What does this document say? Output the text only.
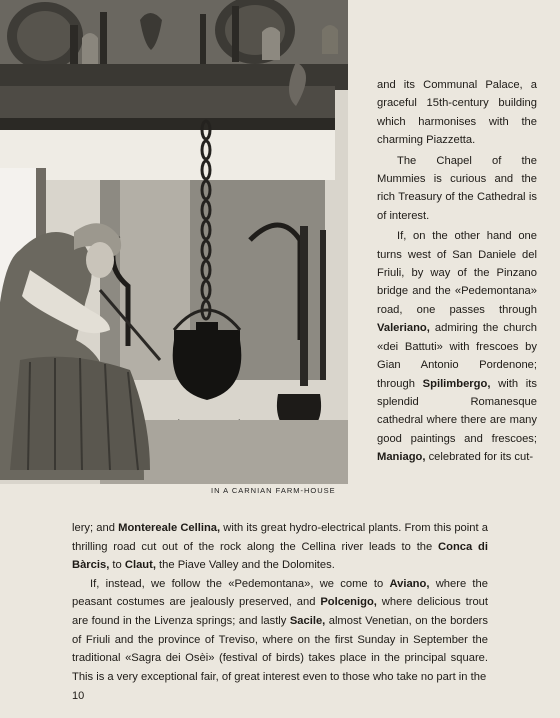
IN A CARNIAN FARM-HOUSE

and its Communal Palace, a graceful 15th-century building which harmonises with the charming Piazzetta.

The Chapel of the Mummies is curious and the rich Treasury of the Cathedral is of interest.

If, on the other hand one turns west of San Daniele del Friuli, by way of the Pinzano bridge and the «Pedemontana» road, one passes through Valeriano, admiring the church «dei Battuti» with frescoes by Gian Antonio Pordenone; through Spilimbergo, with its splendid Romanesque cathedral where there are many good paintings and frescoes; Maniago, celebrated for its cut-

lery; and Montereale Cellina, with its great hydro-electrical plants. From this point a thrilling road cut out of the rock along the Cellina river leads to the Conca di Bàrcis, to Claut, the Piave Valley and the Dolomites.

If, instead, we follow the «Pedemontana», we come to Aviano, where the peasant costumes are jealously preserved, and Polcenigo, where delicious trout are found in the Livenza springs; and lastly Sacile, almost Venetian, on the borders of Friuli and the province of Treviso, where on the first Sunday in September the traditional «Sagra dei Osèi» (festival of birds) takes place in the principal square. This is a very exceptional fair, of great interest even to those who take no part in the

10
